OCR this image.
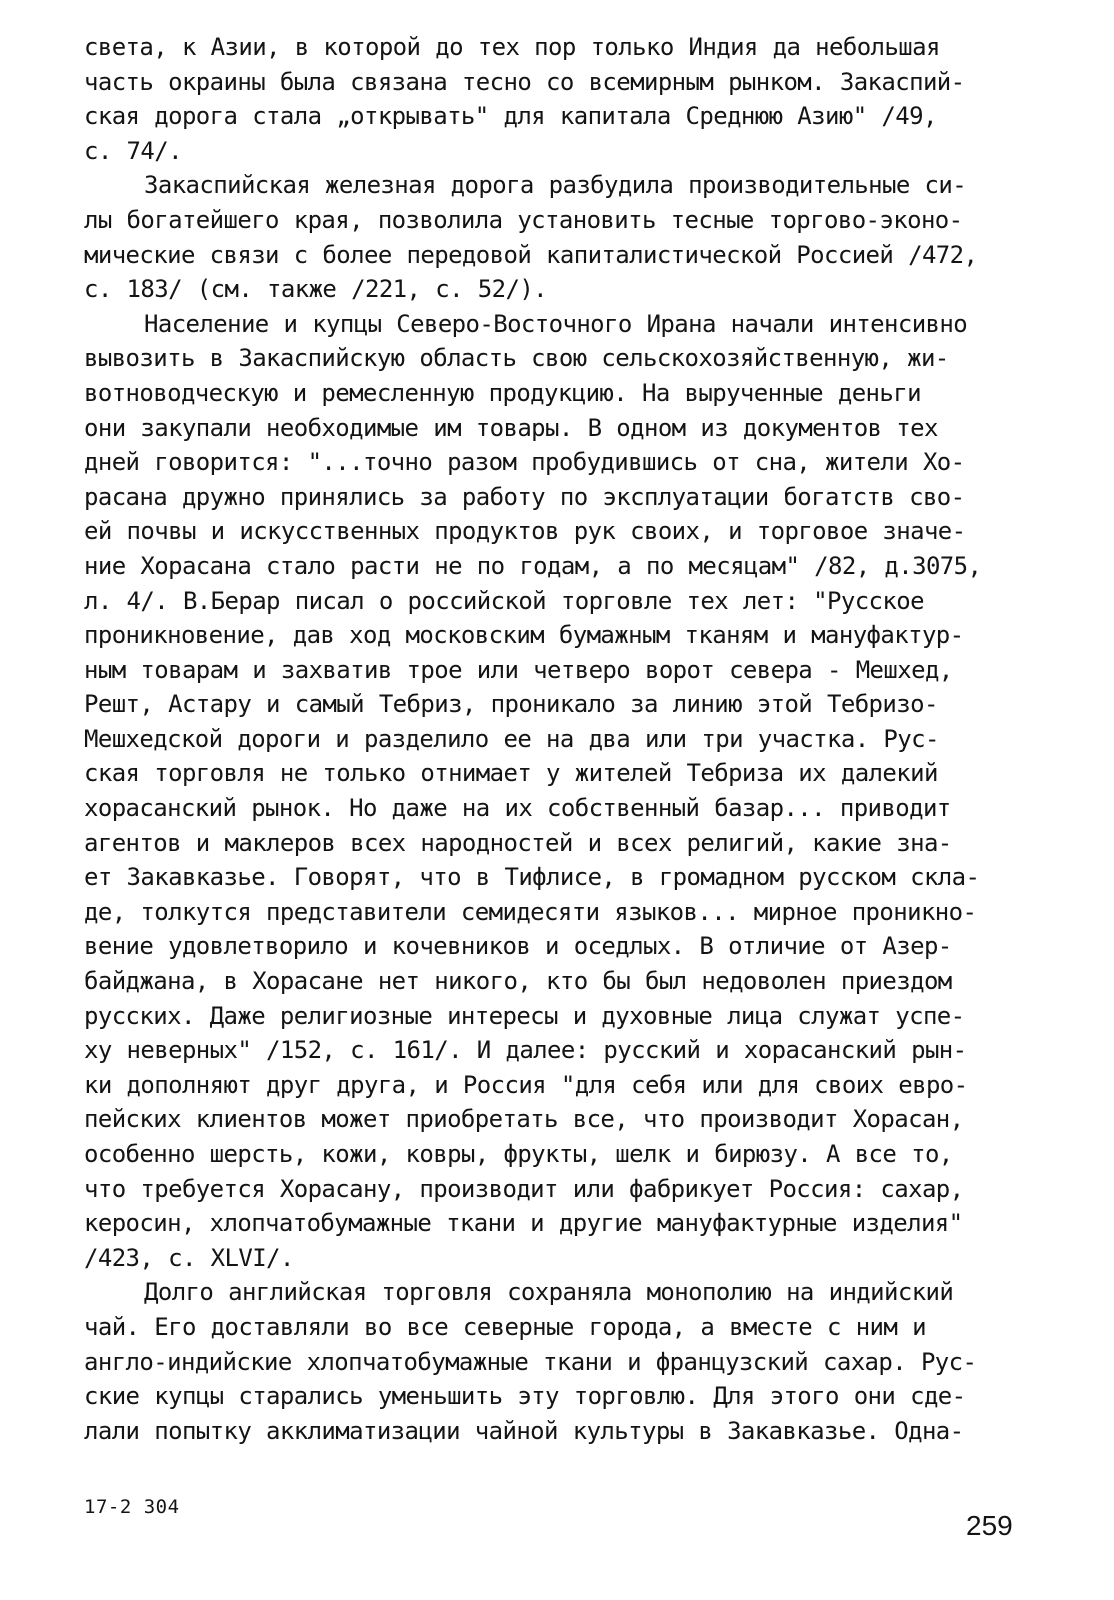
света, к Азии, в которой до тех пор только Индия да небольшая
часть окраины была связана тесно со всемирным рынком. Закаспий-
ская дорога стала „открывать" для капитала Среднюю Азию" /49,
с. 74/.
Закаспийская железная дорога разбудила производительные си-
лы богатейшего края, позволила установить тесные торгово-эконо-
мические связи с более передовой капиталистической Россией /472,
с. 183/ (см. также /221, с. 52/).
Население и купцы Северо-Восточного Ирана начали интенсивно
вывозить в Закаспийскую область свою сельскохозяйственную, жи-
вотноводческую и ремесленную продукцию. На вырученные деньги
они закупали необходимые им товары. В одном из документов тех
дней говорится: "...точно разом пробудившись от сна, жители Хо-
расана дружно принялись за работу по эксплуатации богатств сво-
ей почвы и искусственных продуктов рук своих, и торговое значе-
ние Хорасана стало расти не по годам, а по месяцам" /82, д.3075,
л. 4/. В.Берар писал о российской торговле тех лет: "Русское
проникновение, дав ход московским бумажным тканям и мануфактур-
ным товарам и захватив трое или четверо ворот севера - Мешхед,
Решт, Астару и самый Тебриз, проникало за линию этой Тебризо-
Мешхедской дороги и разделило ее на два или три участка. Рус-
ская торговля не только отнимает у жителей Тебриза их далекий
хорасанский рынок. Но даже на их собственный базар... приводит
агентов и маклеров всех народностей и всех религий, какие зна-
ет Закавказье. Говорят, что в Тифлисе, в громадном русском скла-
де, толкутся представители семидесяти языков... мирное проникно-
вение удовлетворило и кочевников и оседлых. В отличие от Азер-
байджана, в Хорасане нет никого, кто бы был недоволен приездом
русских. Даже религиозные интересы и духовные лица служат успе-
ху неверных" /152, с. 161/. И далее: русский и хорасанский рын-
ки дополняют друг друга, и Россия "для себя или для своих евро-
пейских клиентов может приобретать все, что производит Хорасан,
особенно шерсть, кожи, ковры, фрукты, шелк и бирюзу. А все то,
что требуется Хорасану, производит или фабрикует Россия: сахар,
керосин, хлопчатобумажные ткани и другие мануфактурные изделия"
/423, с. XLVI/.
Долго английская торговля сохраняла монополию на индийский
чай. Его доставляли во все северные города, а вместе с ним и
англо-индийские хлопчатобумажные ткани и французский сахар. Рус-
ские купцы старались уменьшить эту торговлю. Для этого они сде-
лали попытку акклиматизации чайной культуры в Закавказье. Одна-
17-2 304
259
